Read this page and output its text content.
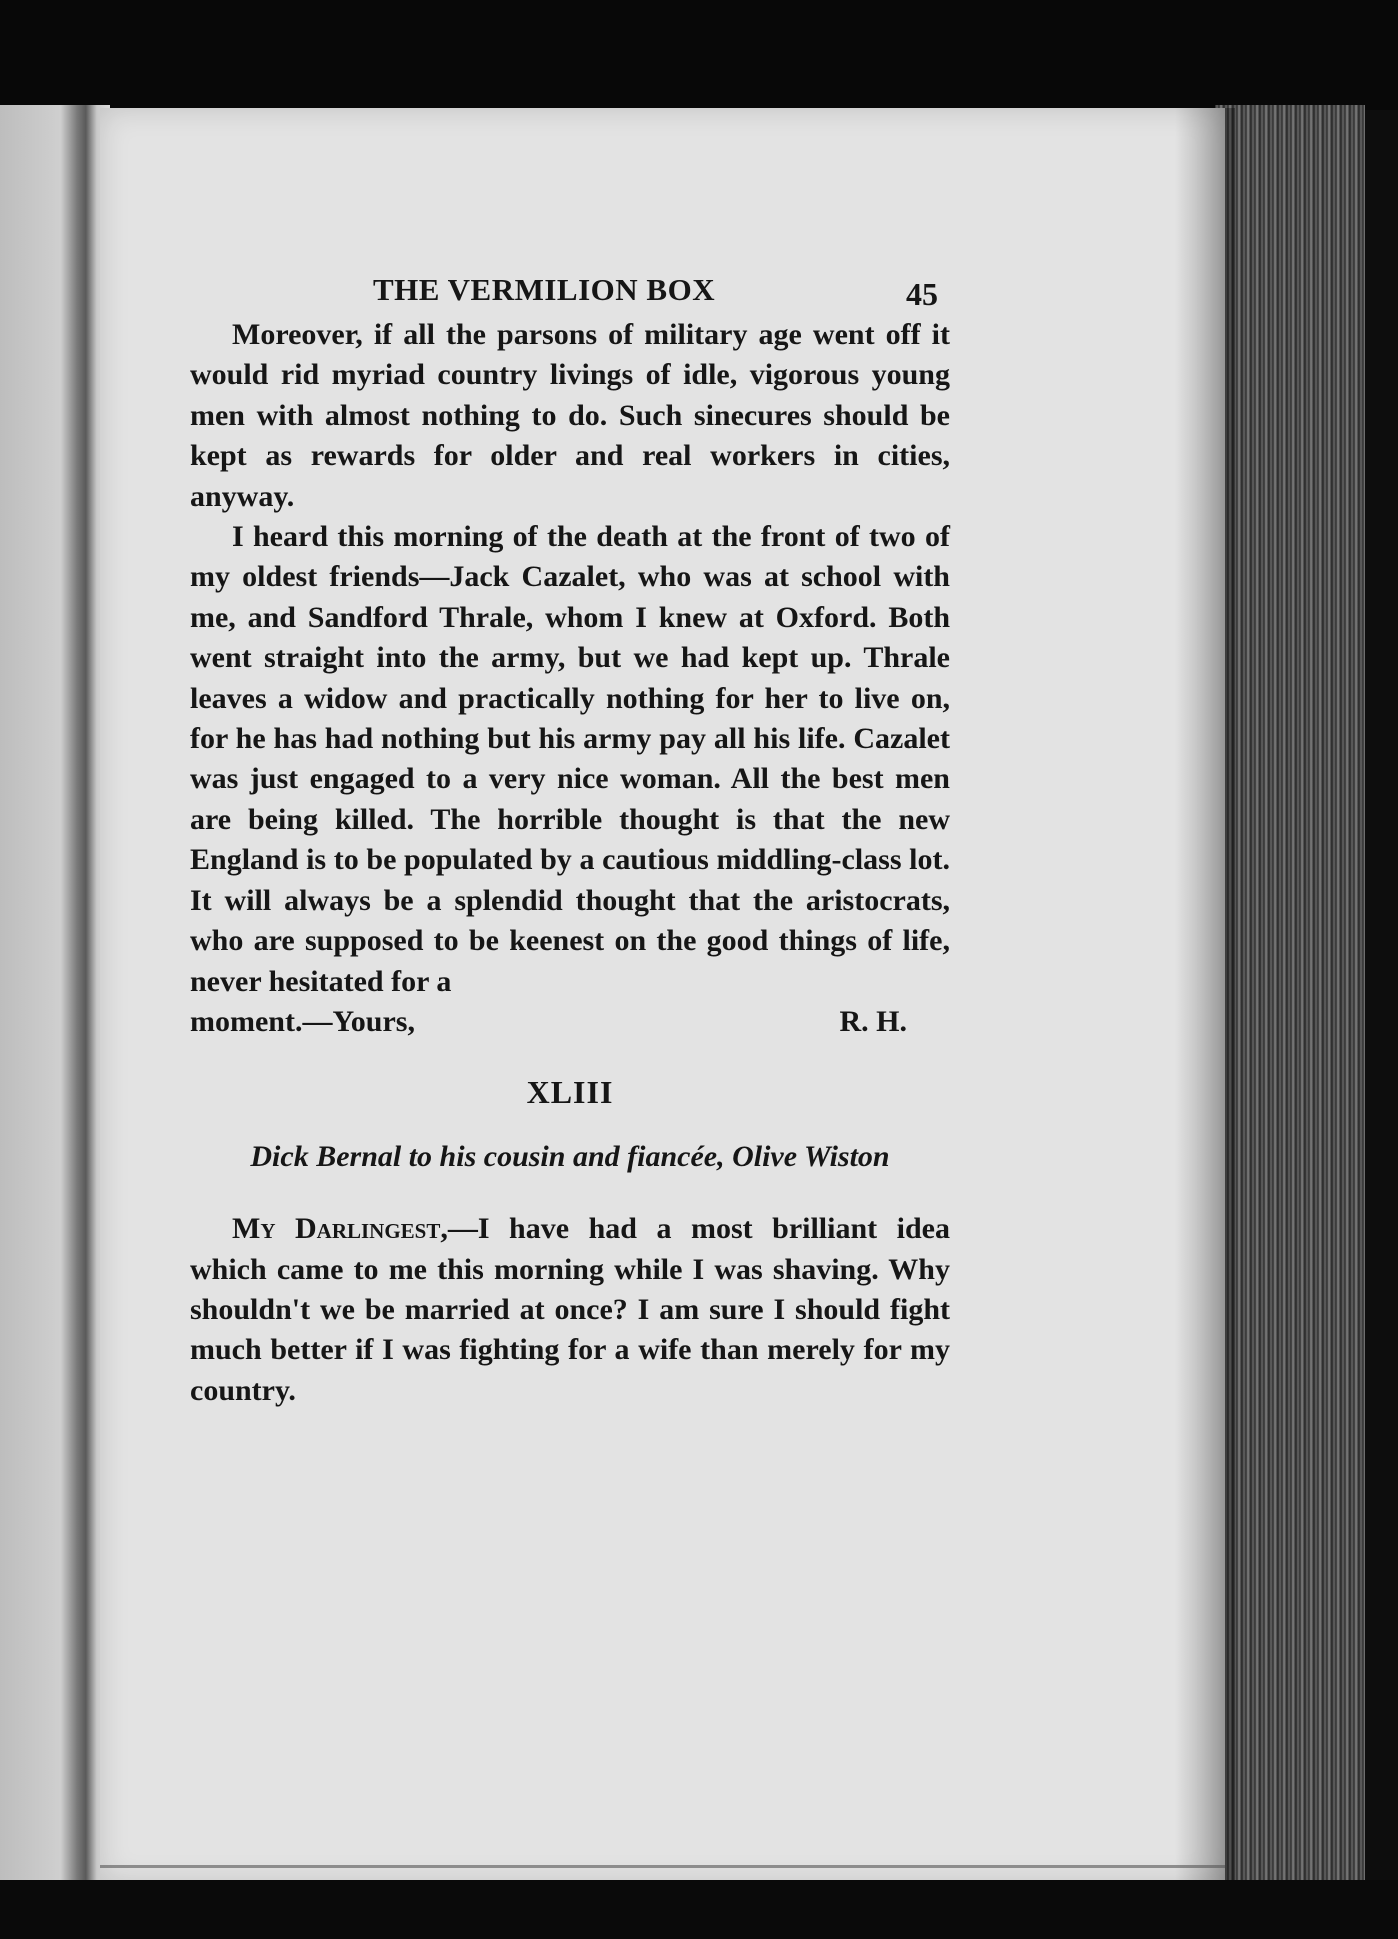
THE VERMILION BOX	45

Moreover, if all the parsons of military age went off it would rid myriad country livings of idle, vigorous young men with almost nothing to do. Such sinecures should be kept as rewards for older and real workers in cities, anyway.

I heard this morning of the death at the front of two of my oldest friends—Jack Cazalet, who was at school with me, and Sandford Thrale, whom I knew at Oxford. Both went straight into the army, but we had kept up. Thrale leaves a widow and practically nothing for her to live on, for he has had nothing but his army pay all his life. Cazalet was just engaged to a very nice woman. All the best men are being killed. The horrible thought is that the new England is to be populated by a cautious middling-class lot. It will always be a splendid thought that the aristocrats, who are supposed to be keenest on the good things of life, never hesitated for a

moment.—Yours,	R. H.

XLIII
Dick Bernal to his cousin and fiancée, Olive Wiston

My Darlingest,—I have had a most brilliant idea which came to me this morning while I was shaving. Why shouldn't we be married at once? I am sure I should fight much better if I was fighting for a wife than merely for my country.
